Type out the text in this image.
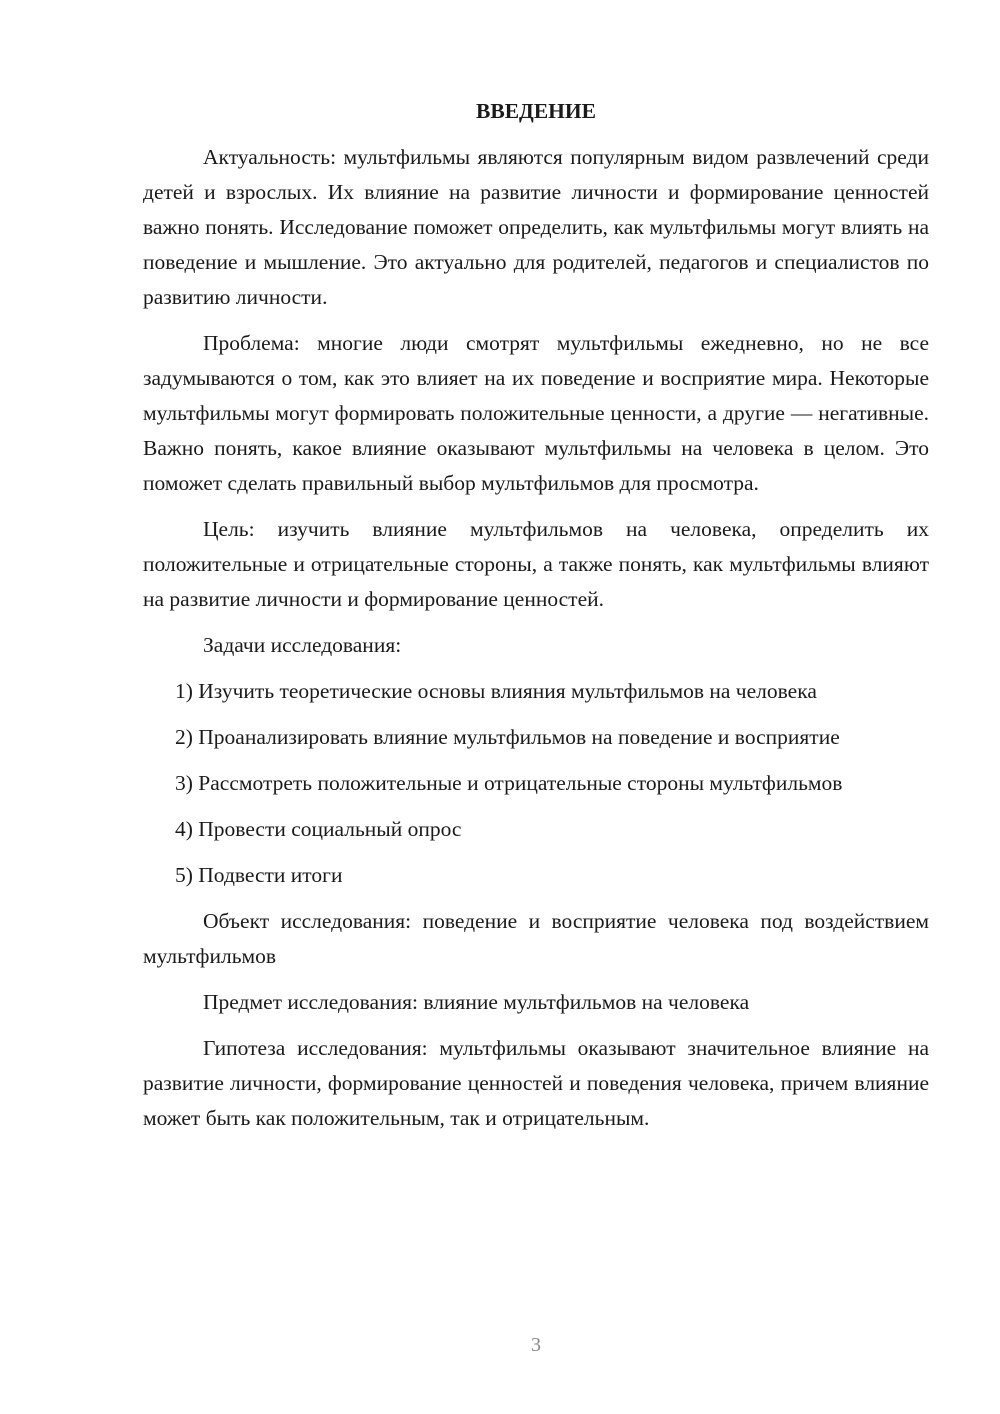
ВВЕДЕНИЕ

Актуальность: мультфильмы являются популярным видом развлечений среди детей и взрослых. Их влияние на развитие личности и формирование ценностей важно понять. Исследование поможет определить, как мультфильмы могут влиять на поведение и мышление. Это актуально для родителей, педагогов и специалистов по развитию личности.

Проблема: многие люди смотрят мультфильмы ежедневно, но не все задумываются о том, как это влияет на их поведение и восприятие мира. Некоторые мультфильмы могут формировать положительные ценности, а другие — негативные. Важно понять, какое влияние оказывают мультфильмы на человека в целом. Это поможет сделать правильный выбор мультфильмов для просмотра.

Цель: изучить влияние мультфильмов на человека, определить их положительные и отрицательные стороны, а также понять, как мультфильмы влияют на развитие личности и формирование ценностей.

Задачи исследования:

1) Изучить теоретические основы влияния мультфильмов на человека

2) Проанализировать влияние мультфильмов на поведение и восприятие

3) Рассмотреть положительные и отрицательные стороны мультфильмов

4) Провести социальный опрос

5) Подвести итоги

Объект исследования: поведение и восприятие человека под воздействием мультфильмов

Предмет исследования: влияние мультфильмов на человека

Гипотеза исследования: мультфильмы оказывают значительное влияние на развитие личности, формирование ценностей и поведения человека, причем влияние может быть как положительным, так и отрицательным.

3
